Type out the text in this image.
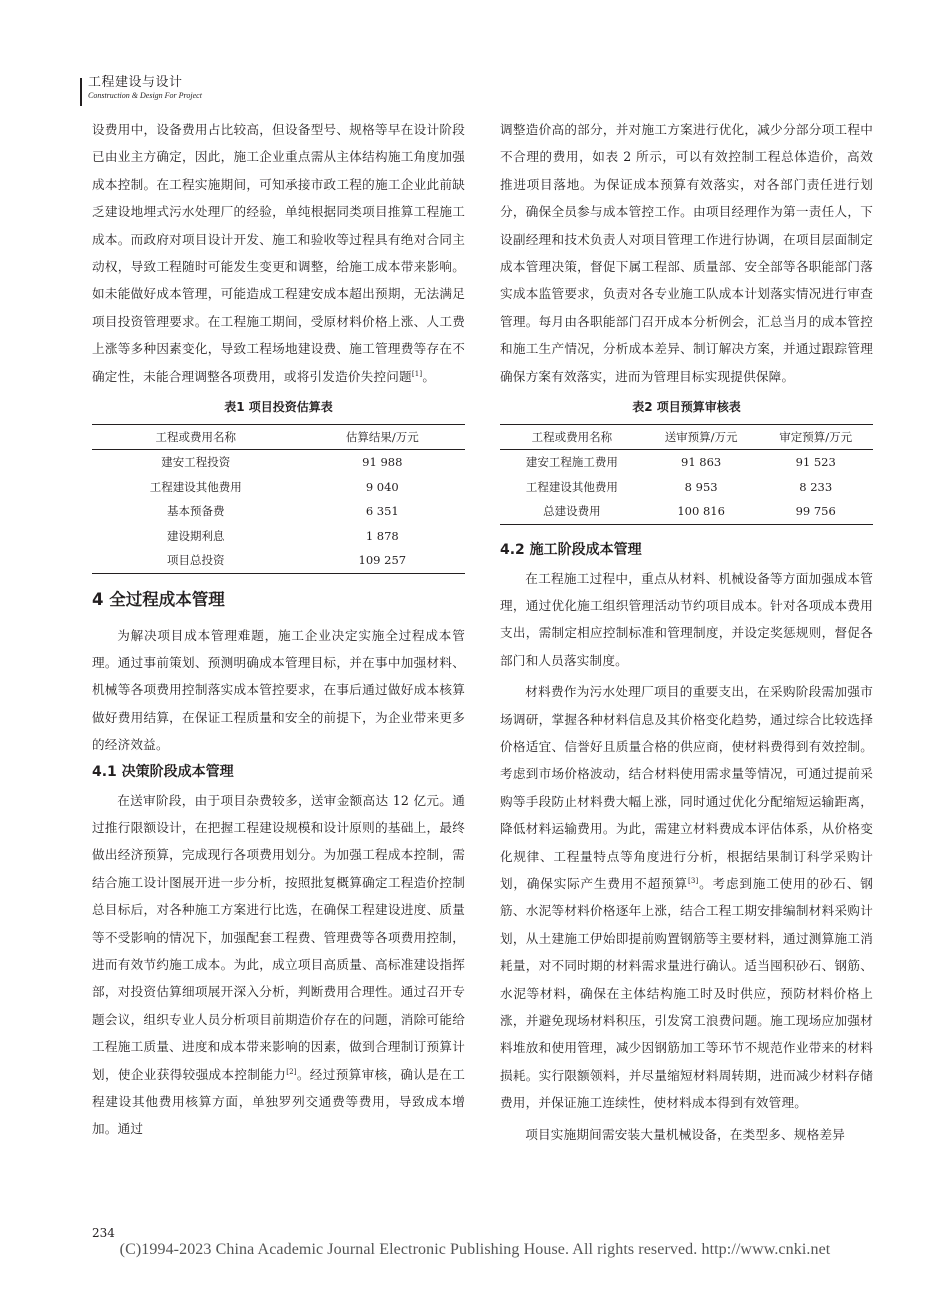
工程建设与设计
Construction & Design For Project

设费用中，设备费用占比较高，但设备型号、规格等早在设计阶段已由业主方确定，因此，施工企业重点需从主体结构施工角度加强成本控制。在工程实施期间，可知承接市政工程的施工企业此前缺乏建设地埋式污水处理厂的经验，单纯根据同类项目推算工程施工成本。而政府对项目设计开发、施工和验收等过程具有绝对合同主动权，导致工程随时可能发生变更和调整，给施工成本带来影响。如未能做好成本管理，可能造成工程建安成本超出预期，无法满足项目投资管理要求。在工程施工期间，受原材料价格上涨、人工费上涨等多种因素变化，导致工程场地建设费、施工管理费等存在不确定性，未能合理调整各项费用，或将引发造价失控问题[1]。

表1 项目投资估算表
工程或费用名称	估算结果/万元
建安工程投资	91 988
工程建设其他费用	9 040
基本预备费	6 351
建设期利息	1 878
项目总投资	109 257
4 全过程成本管理

为解决项目成本管理难题，施工企业决定实施全过程成本管理。通过事前策划、预测明确成本管理目标，并在事中加强材料、机械等各项费用控制落实成本管控要求，在事后通过做好成本核算做好费用结算，在保证工程质量和安全的前提下，为企业带来更多的经济效益。

4.1 决策阶段成本管理

在送审阶段，由于项目杂费较多，送审金额高达 12 亿元。通过推行限额设计，在把握工程建设规模和设计原则的基础上，最终做出经济预算，完成现行各项费用划分。为加强工程成本控制，需结合施工设计图展开进一步分析，按照批复概算确定工程造价控制总目标后，对各种施工方案进行比选，在确保工程建设进度、质量等不受影响的情况下，加强配套工程费、管理费等各项费用控制，进而有效节约施工成本。为此，成立项目高质量、高标准建设指挥部，对投资估算细项展开深入分析，判断费用合理性。通过召开专题会议，组织专业人员分析项目前期造价存在的问题，消除可能给工程施工质量、进度和成本带来影响的因素，做到合理制订预算计划，使企业获得较强成本控制能力[2]。经过预算审核，确认是在工程建设其他费用核算方面，单独罗列交通费等费用，导致成本增加。通过

调整造价高的部分，并对施工方案进行优化，减少分部分项工程中不合理的费用，如表 2 所示，可以有效控制工程总体造价，高效推进项目落地。为保证成本预算有效落实，对各部门责任进行划分，确保全员参与成本管控工作。由项目经理作为第一责任人，下设副经理和技术负责人对项目管理工作进行协调，在项目层面制定成本管理决策，督促下属工程部、质量部、安全部等各职能部门落实成本监管要求，负责对各专业施工队成本计划落实情况进行审查管理。每月由各职能部门召开成本分析例会，汇总当月的成本管控和施工生产情况，分析成本差异、制订解决方案，并通过跟踪管理确保方案有效落实，进而为管理目标实现提供保障。

表2 项目预算审核表
工程或费用名称	送审预算/万元	审定预算/万元
建安工程施工费用	91 863	91 523
工程建设其他费用	8 953	8 233
总建设费用	100 816	99 756
4.2 施工阶段成本管理

在工程施工过程中，重点从材料、机械设备等方面加强成本管理，通过优化施工组织管理活动节约项目成本。针对各项成本费用支出，需制定相应控制标准和管理制度，并设定奖惩规则，督促各部门和人员落实制度。

材料费作为污水处理厂项目的重要支出，在采购阶段需加强市场调研，掌握各种材料信息及其价格变化趋势，通过综合比较选择价格适宜、信誉好且质量合格的供应商，使材料费得到有效控制。考虑到市场价格波动，结合材料使用需求量等情况，可通过提前采购等手段防止材料费大幅上涨，同时通过优化分配缩短运输距离，降低材料运输费用。为此，需建立材料费成本评估体系，从价格变化规律、工程量特点等角度进行分析，根据结果制订科学采购计划，确保实际产生费用不超预算[3]。考虑到施工使用的砂石、钢筋、水泥等材料价格逐年上涨，结合工程工期安排编制材料采购计划，从土建施工伊始即提前购置钢筋等主要材料，通过测算施工消耗量，对不同时期的材料需求量进行确认。适当囤积砂石、钢筋、水泥等材料，确保在主体结构施工时及时供应，预防材料价格上涨，并避免现场材料积压，引发窝工浪费问题。施工现场应加强材料堆放和使用管理，减少因钢筋加工等环节不规范作业带来的材料损耗。实行限额领料，并尽量缩短材料周转期，进而减少材料存储费用，并保证施工连续性，使材料成本得到有效管理。

项目实施期间需安装大量机械设备，在类型多、规格差异

234
(C)1994-2023 China Academic Journal Electronic Publishing House. All rights reserved. http://www.cnki.net
